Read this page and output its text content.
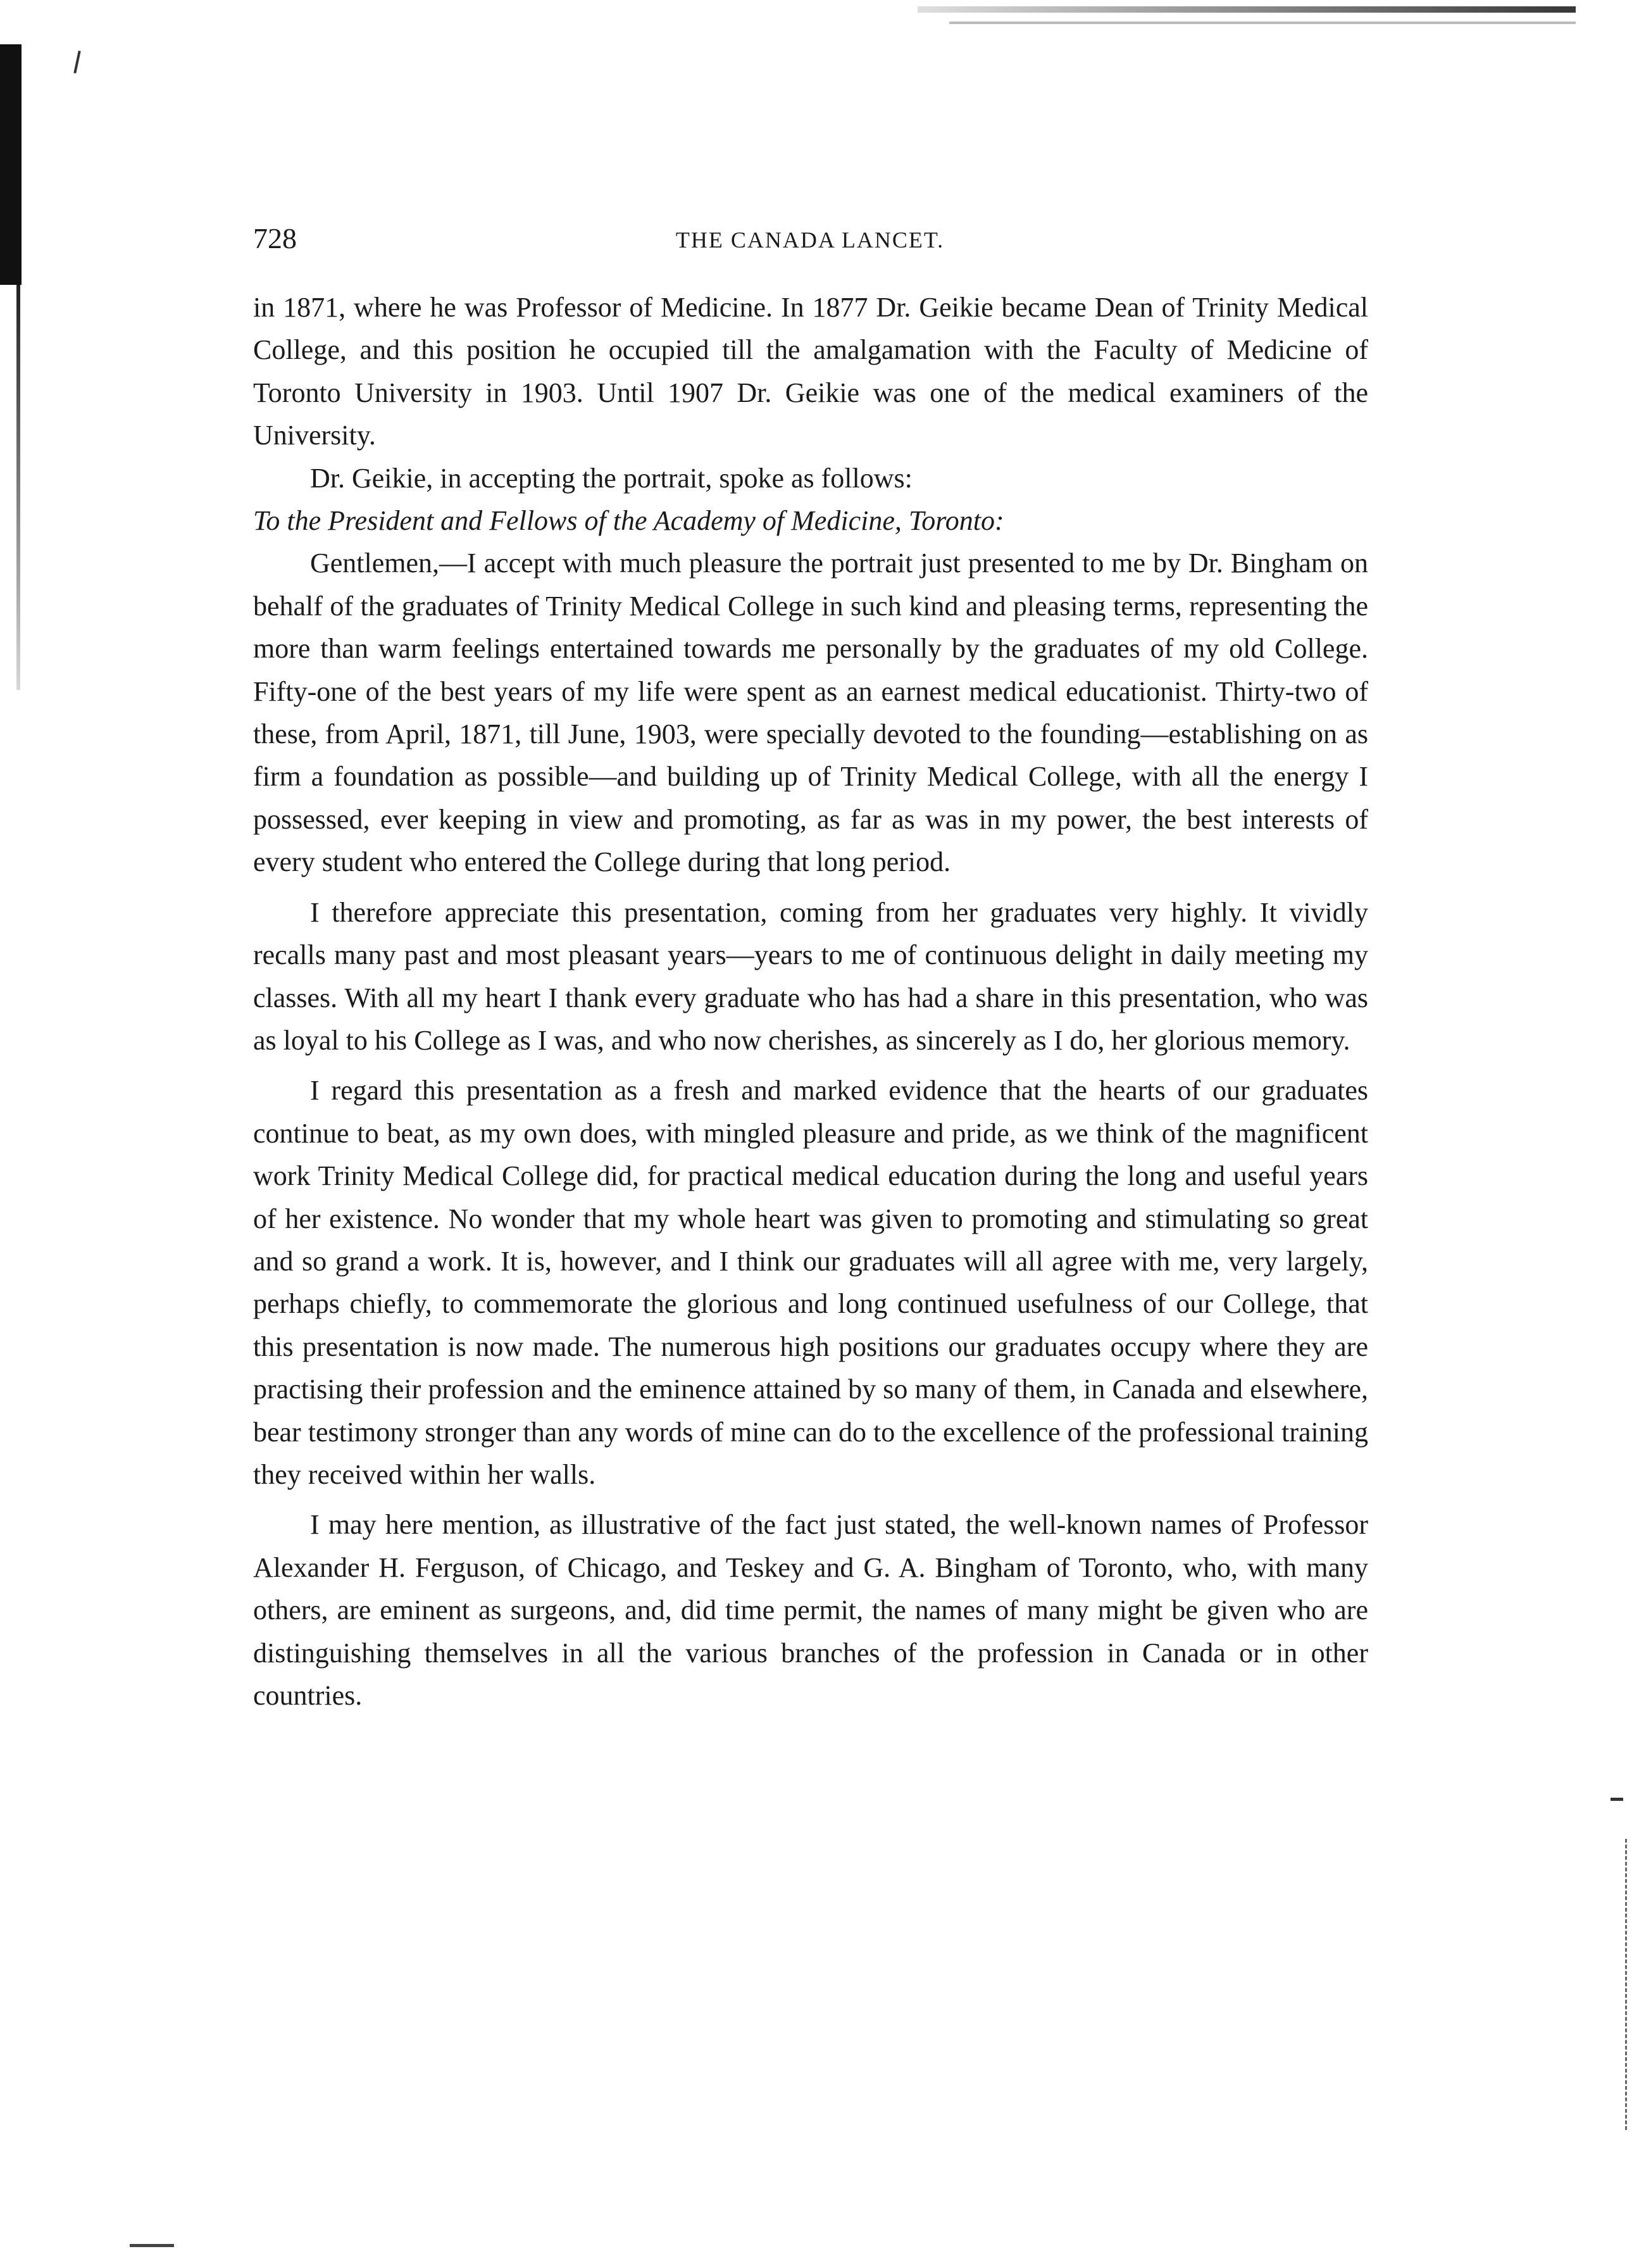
728	THE CANADA LANCET.

in 1871, where he was Professor of Medicine. In 1877 Dr. Geikie became Dean of Trinity Medical College, and this position he occupied till the amalgamation with the Faculty of Medicine of Toronto University in 1903. Until 1907 Dr. Geikie was one of the medical examiners of the University.

Dr. Geikie, in accepting the portrait, spoke as follows:

To the President and Fellows of the Academy of Medicine, Toronto:

Gentlemen,—I accept with much pleasure the portrait just presented to me by Dr. Bingham on behalf of the graduates of Trinity Medical College in such kind and pleasing terms, representing the more than warm feelings entertained towards me personally by the graduates of my old College. Fifty-one of the best years of my life were spent as an earnest medical educationist. Thirty-two of these, from April, 1871, till June, 1903, were specially devoted to the founding—establishing on as firm a foundation as possible—and building up of Trinity Medical College, with all the energy I possessed, ever keeping in view and promoting, as far as was in my power, the best interests of every student who entered the College during that long period.

I therefore appreciate this presentation, coming from her graduates very highly. It vividly recalls many past and most pleasant years—years to me of continuous delight in daily meeting my classes. With all my heart I thank every graduate who has had a share in this presentation, who was as loyal to his College as I was, and who now cherishes, as sincerely as I do, her glorious memory.

I regard this presentation as a fresh and marked evidence that the hearts of our graduates continue to beat, as my own does, with mingled pleasure and pride, as we think of the magnificent work Trinity Medical College did, for practical medical education during the long and useful years of her existence. No wonder that my whole heart was given to promoting and stimulating so great and so grand a work. It is, however, and I think our graduates will all agree with me, very largely, perhaps chiefly, to commemorate the glorious and long continued usefulness of our College, that this presentation is now made. The numerous high positions our graduates occupy where they are practising their profession and the eminence attained by so many of them, in Canada and elsewhere, bear testimony stronger than any words of mine can do to the excellence of the professional training they received within her walls.

I may here mention, as illustrative of the fact just stated, the well-known names of Professor Alexander H. Ferguson, of Chicago, and Teskey and G. A. Bingham of Toronto, who, with many others, are eminent as surgeons, and, did time permit, the names of many might be given who are distinguishing themselves in all the various branches of the profession in Canada or in other countries.
